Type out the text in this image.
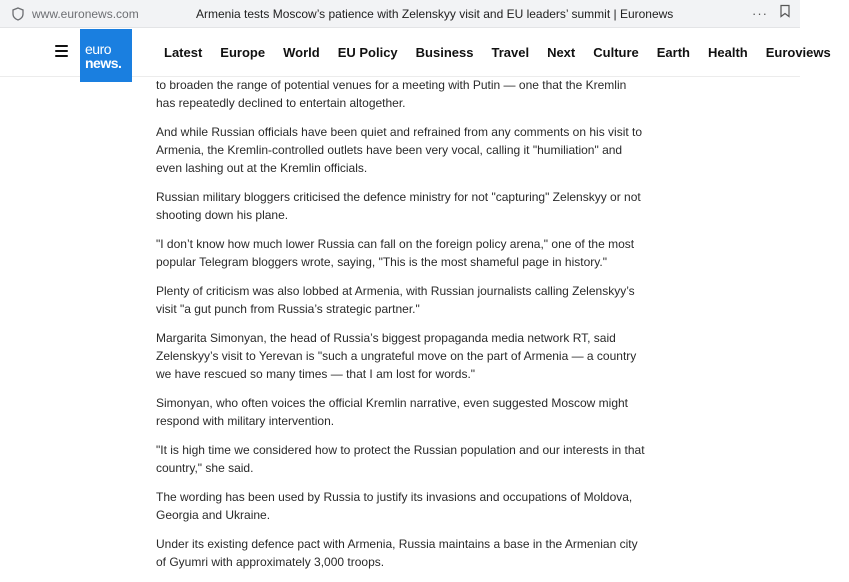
www.euronews.com	Armenia tests Moscow’s patience with Zelenskyy visit and EU leaders’ summit | Euronews	···
euro
news.
Latest Europe World EU Policy Business Travel Next Culture Earth Health Euroviews

to broaden the range of potential venues for a meeting with Putin — one that the Kremlin has repeatedly declined to entertain altogether.

And while Russian officials have been quiet and refrained from any comments on his visit to Armenia, the Kremlin-controlled outlets have been very vocal, calling it "humiliation" and even lashing out at the Kremlin officials.

Russian military bloggers criticised the defence ministry for not "capturing" Zelenskyy or not shooting down his plane.

"I don’t know how much lower Russia can fall on the foreign policy arena," one of the most popular Telegram bloggers wrote, saying, "This is the most shameful page in history."

Plenty of criticism was also lobbed at Armenia, with Russian journalists calling Zelenskyy’s visit "a gut punch from Russia’s strategic partner."

Margarita Simonyan, the head of Russia’s biggest propaganda media network RT, said Zelenskyy’s visit to Yerevan is "such a ungrateful move on the part of Armenia — a country we have rescued so many times — that I am lost for words."

Simonyan, who often voices the official Kremlin narrative, even suggested Moscow might respond with military intervention.

"It is high time we considered how to protect the Russian population and our interests in that country," she said.

The wording has been used by Russia to justify its invasions and occupations of Moldova, Georgia and Ukraine.

Under its existing defence pact with Armenia, Russia maintains a base in the Armenian city of Gyumri with approximately 3,000 troops.
